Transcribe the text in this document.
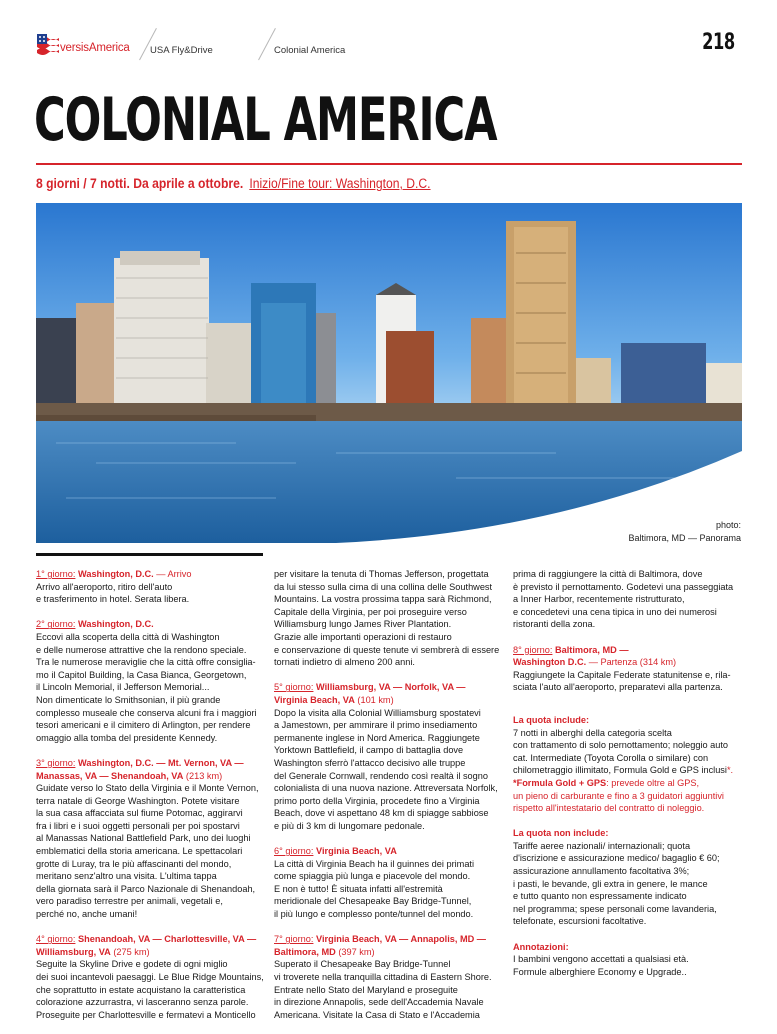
versisAmerica USA Fly&Drive	Colonial America	218
COLONIAL AMERICA
8 giorni / 7 notti. Da aprile a ottobre. Inizio/Fine tour: Washington, D.C.
photo:
Baltimora, MD — Panorama

1° giorno: Washington, D.C. — Arrivo
Arrivo all'aeroporto, ritiro dell'auto
e trasferimento in hotel. Serata libera.

2° giorno: Washington, D.C.
Eccovi alla scoperta della città di Washington
e delle numerose attrattive che la rendono speciale.
Tra le numerose meraviglie che la città offre consiglia-
mo il Capitol Building, la Casa Bianca, Georgetown,
il Lincoln Memorial, il Jefferson Memorial...
Non dimenticate lo Smithsonian, il più grande
complesso museale che conserva alcuni fra i maggiori
tesori americani e il cimitero di Arlington, per rendere
omaggio alla tomba del presidente Kennedy.

3° giorno: Washington, D.C. — Mt. Vernon, VA —
Manassas, VA — Shenandoah, VA (213 km)
Guidate verso lo Stato della Virginia e il Monte Vernon,
terra natale di George Washington. Potete visitare
la sua casa affacciata sul fiume Potomac, aggirarvi
fra i libri e i suoi oggetti personali per poi spostarvi
al Manassas National Battlefield Park, uno dei luoghi
emblematici della storia americana. Le spettacolari
grotte di Luray, tra le più affascinanti del mondo,
meritano senz'altro una visita. L'ultima tappa
della giornata sarà il Parco Nazionale di Shenandoah,
vero paradiso terrestre per animali, vegetali e,
perché no, anche umani!

4° giorno: Shenandoah, VA — Charlottesville, VA —
Williamsburg, VA (275 km)
Seguite la Skyline Drive e godete di ogni miglio
dei suoi incantevoli paesaggi. Le Blue Ridge Mountains,
che soprattutto in estate acquistano la caratteristica
colorazione azzurrastra, vi lasceranno senza parole.
Proseguite per Charlottesville e fermatevi a Monticello

per visitare la tenuta di Thomas Jefferson, progettata
da lui stesso sulla cima di una collina delle Southwest
Mountains. La vostra prossima tappa sarà Richmond,
Capitale della Virginia, per poi proseguire verso
Williamsburg lungo James River Plantation.
Grazie alle importanti operazioni di restauro
e conservazione di queste tenute vi sembrerà di essere
tornati indietro di almeno 200 anni.

5° giorno: Williamsburg, VA — Norfolk, VA —
Virginia Beach, VA (101 km)
Dopo la visita alla Colonial Williamsburg spostatevi
a Jamestown, per ammirare il primo insediamento
permanente inglese in Nord America. Raggiungete
Yorktown Battlefield, il campo di battaglia dove
Washington sferrò l'attacco decisivo alle truppe
del Generale Cornwall, rendendo così realtà il sogno
colonialista di una nuova nazione. Attreversata Norfolk,
primo porto della Virginia, procedete fino a Virginia
Beach, dove vi aspettano 48 km di spiagge sabbiose
e più di 3 km di lungomare pedonale.

6° giorno: Virginia Beach, VA
La città di Virginia Beach ha il guinnes dei primati
come spiaggia più lunga e piacevole del mondo.
E non è tutto! È situata infatti all'estremità
meridionale del Chesapeake Bay Bridge-Tunnel,
il più lungo e complesso ponte/tunnel del mondo.

7° giorno: Virginia Beach, VA — Annapolis, MD —
Baltimora, MD (397 km)
Superato il Chesapeake Bay Bridge-Tunnel
vi troverete nella tranquilla cittadina di Eastern Shore.
Entrate nello Stato del Maryland e proseguite
in direzione Annapolis, sede dell'Accademia Navale
Americana. Visitate la Casa di Stato e l'Accademia

prima di raggiungere la città di Baltimora, dove
è previsto il pernottamento. Godetevi una passeggiata
a Inner Harbor, recentemente ristrutturato,
e concedetevi una cena tipica in uno dei numerosi
ristoranti della zona.

8° giorno: Baltimora, MD —
Washington D.C. — Partenza (314 km)
Raggiungete la Capitale Federate statunitense e, rila-
sciata l'auto all'aeroporto, preparatevi alla partenza.

La quota include:
7 notti in alberghi della categoria scelta
con trattamento di solo pernottamento; noleggio auto
cat. Intermediate (Toyota Corolla o similare) con
chilometraggio illimitato, Formula Gold e GPS inclusi*.
*Formula Gold + GPS: prevede oltre al GPS,
un pieno di carburante e fino a 3 guidatori aggiuntivi
rispetto all'intestatario del contratto di noleggio.

La quota non include:
Tariffe aeree nazionali/ internazionali; quota
d'iscrizione e assicurazione medico/ bagaglio € 60;
assicurazione annullamento facoltativa 3%;
i pasti, le bevande, gli extra in genere, le mance
e tutto quanto non espressamente indicato
nel programma; spese personali come lavanderia,
telefonate, escursioni facoltative.

Annotazioni:
I bambini vengono accettati a qualsiasi età.
Formule alberghiere Economy e Upgrade..
